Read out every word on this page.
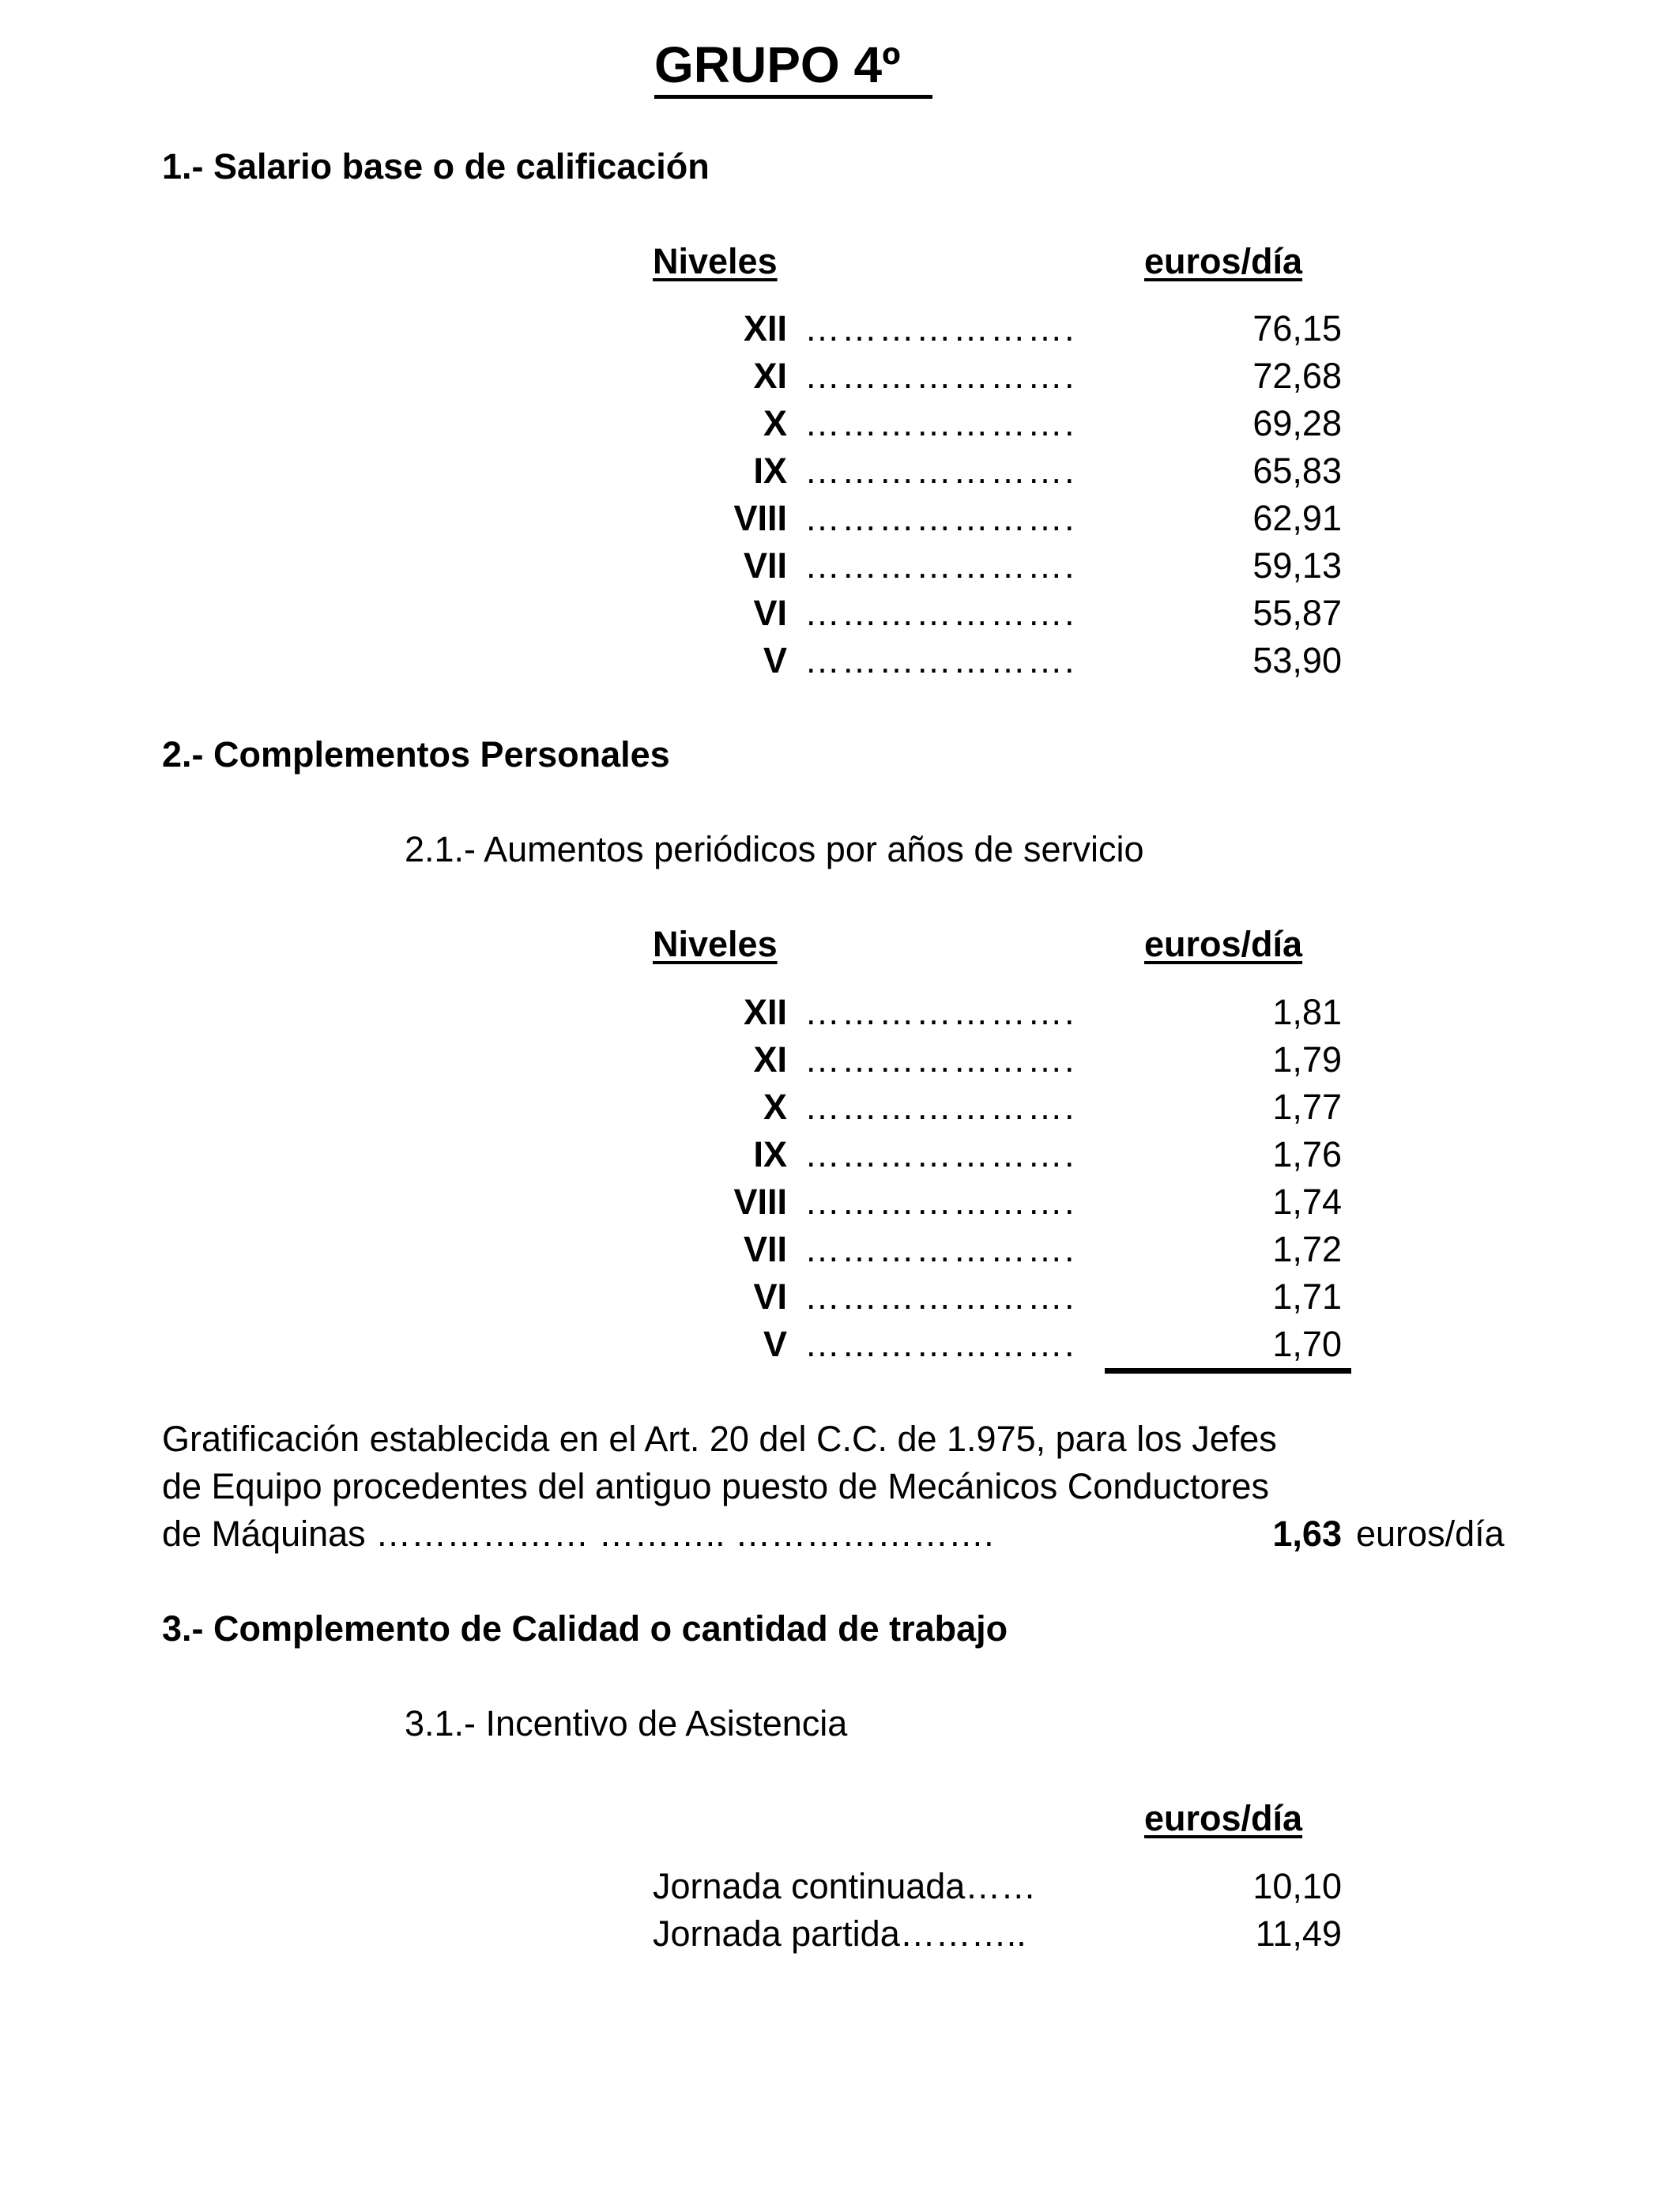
GRUPO 4º
1.- Salario base o de calificación
Niveles	euros/día
XII ………………….	76,15
XI ………………….	72,68
X ………………….	69,28
IX ………………….	65,83
VIII ………………….	62,91
VII ………………….	59,13
VI ………………….	55,87
V ………………….	53,90
2.- Complementos Personales
2.1.- Aumentos periódicos por años de servicio
Niveles	euros/día
XII ………………….	1,81
XI ………………….	1,79
X ………………….	1,77
IX ………………….	1,76
VIII ………………….	1,74
VII ………………….	1,72
VI ………………….	1,71
V ………………….	1,70
Gratificación establecida en el Art. 20 del C.C. de 1.975, para los Jefes
de Equipo procedentes del antiguo puesto de Mecánicos Conductores
de Máquinas ……………… ……….. ………………….	1,63 euros/día
3.- Complemento de Calidad o cantidad de trabajo
3.1.- Incentivo de Asistencia
euros/día
Jornada continuada……	10,10
Jornada partida………..	11,49
